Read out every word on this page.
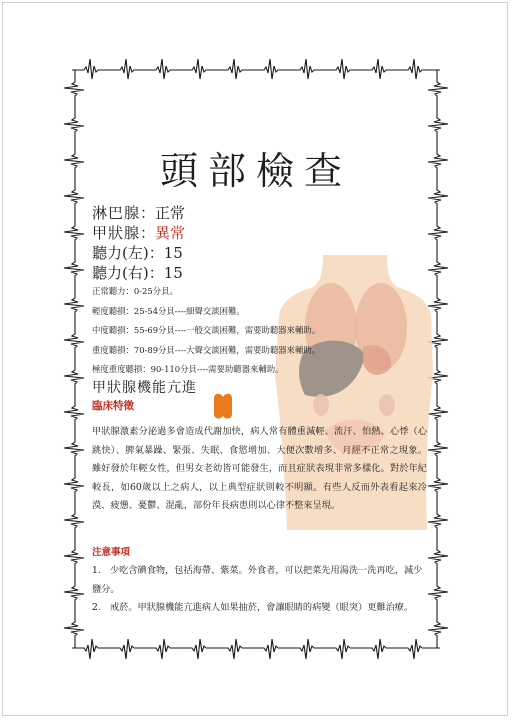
頭部檢查
淋巴腺：正常
甲狀腺：異常
聽力(左)：15
聽力(右)：15
正常聽力：0-25分貝。
輕度聽損：25-54分貝----細聲交談困難。
中度聽損：55-69分貝----一般交談困難，需要助聽器來輔助。
重度聽損：70-89分貝----大聲交談困難，需要助聽器來輔助。
極度重度聽損：90-110分貝----需要助聽器來輔助。
甲狀腺機能亢進
臨床特徵
甲狀腺激素分泌過多會造成代謝加快，病人常有體重減輕、流汗、怕熱、心悸（心跳快）、脾氣暴躁、緊張、失眠、食慾增加、大便次數增多、月經不正常之現象。雖好發於年輕女性，但男女老幼皆可能發生，而且症狀表現非常多樣化。對於年紀較長，如60歲以上之病人，以上典型症狀則較不明顯。有些人反而外表看起來冷漠、疲憊、憂鬱、混亂，部份年長病患則以心律不整來呈現。
注意事項
1.　少吃含碘食物，包括海帶、紫菜。外食者，可以把菜先用湯洗一洗再吃，減少鹽分。
2.　戒菸。甲狀腺機能亢進病人如果抽菸，會讓眼睛的病變（眼突）更難治療。
